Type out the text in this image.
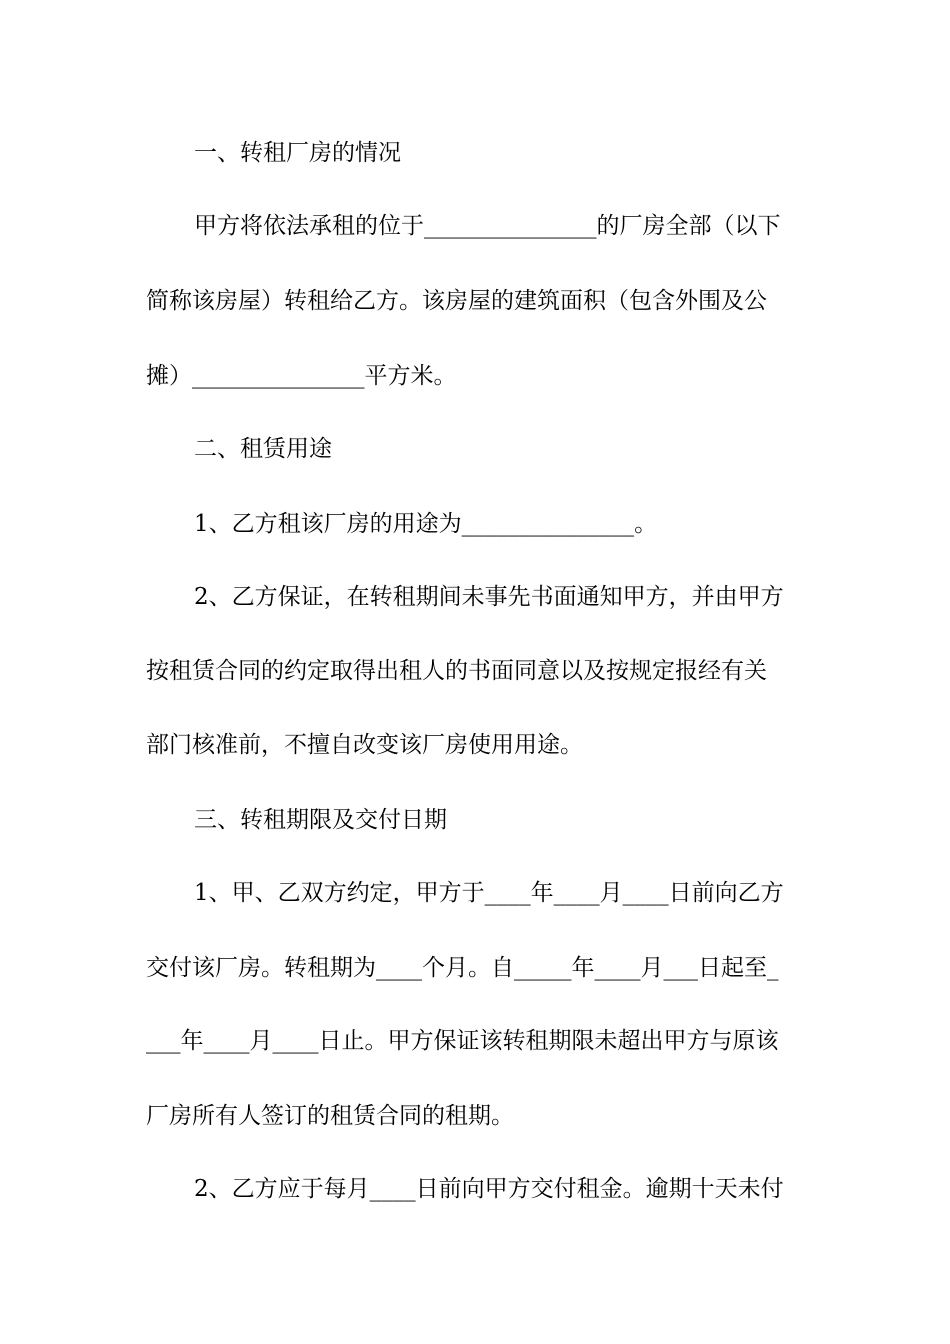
一、转租厂房的情况
甲方将依法承租的位于_______________的厂房全部（以下
简称该房屋）转租给乙方。该房屋的建筑面积（包含外围及公
摊）_______________平方米。
二、租赁用途
1、乙方租该厂房的用途为_______________。
2、乙方保证，在转租期间未事先书面通知甲方，并由甲方
按租赁合同的约定取得出租人的书面同意以及按规定报经有关
部门核准前，不擅自改变该厂房使用用途。
三、转租期限及交付日期
1、甲、乙双方约定，甲方于____年____月____日前向乙方
交付该厂房。转租期为____个月。自_____年____月___日起至_
___年____月____日止。甲方保证该转租期限未超出甲方与原该
厂房所有人签订的租赁合同的租期。
2、乙方应于每月____日前向甲方交付租金。逾期十天未付
